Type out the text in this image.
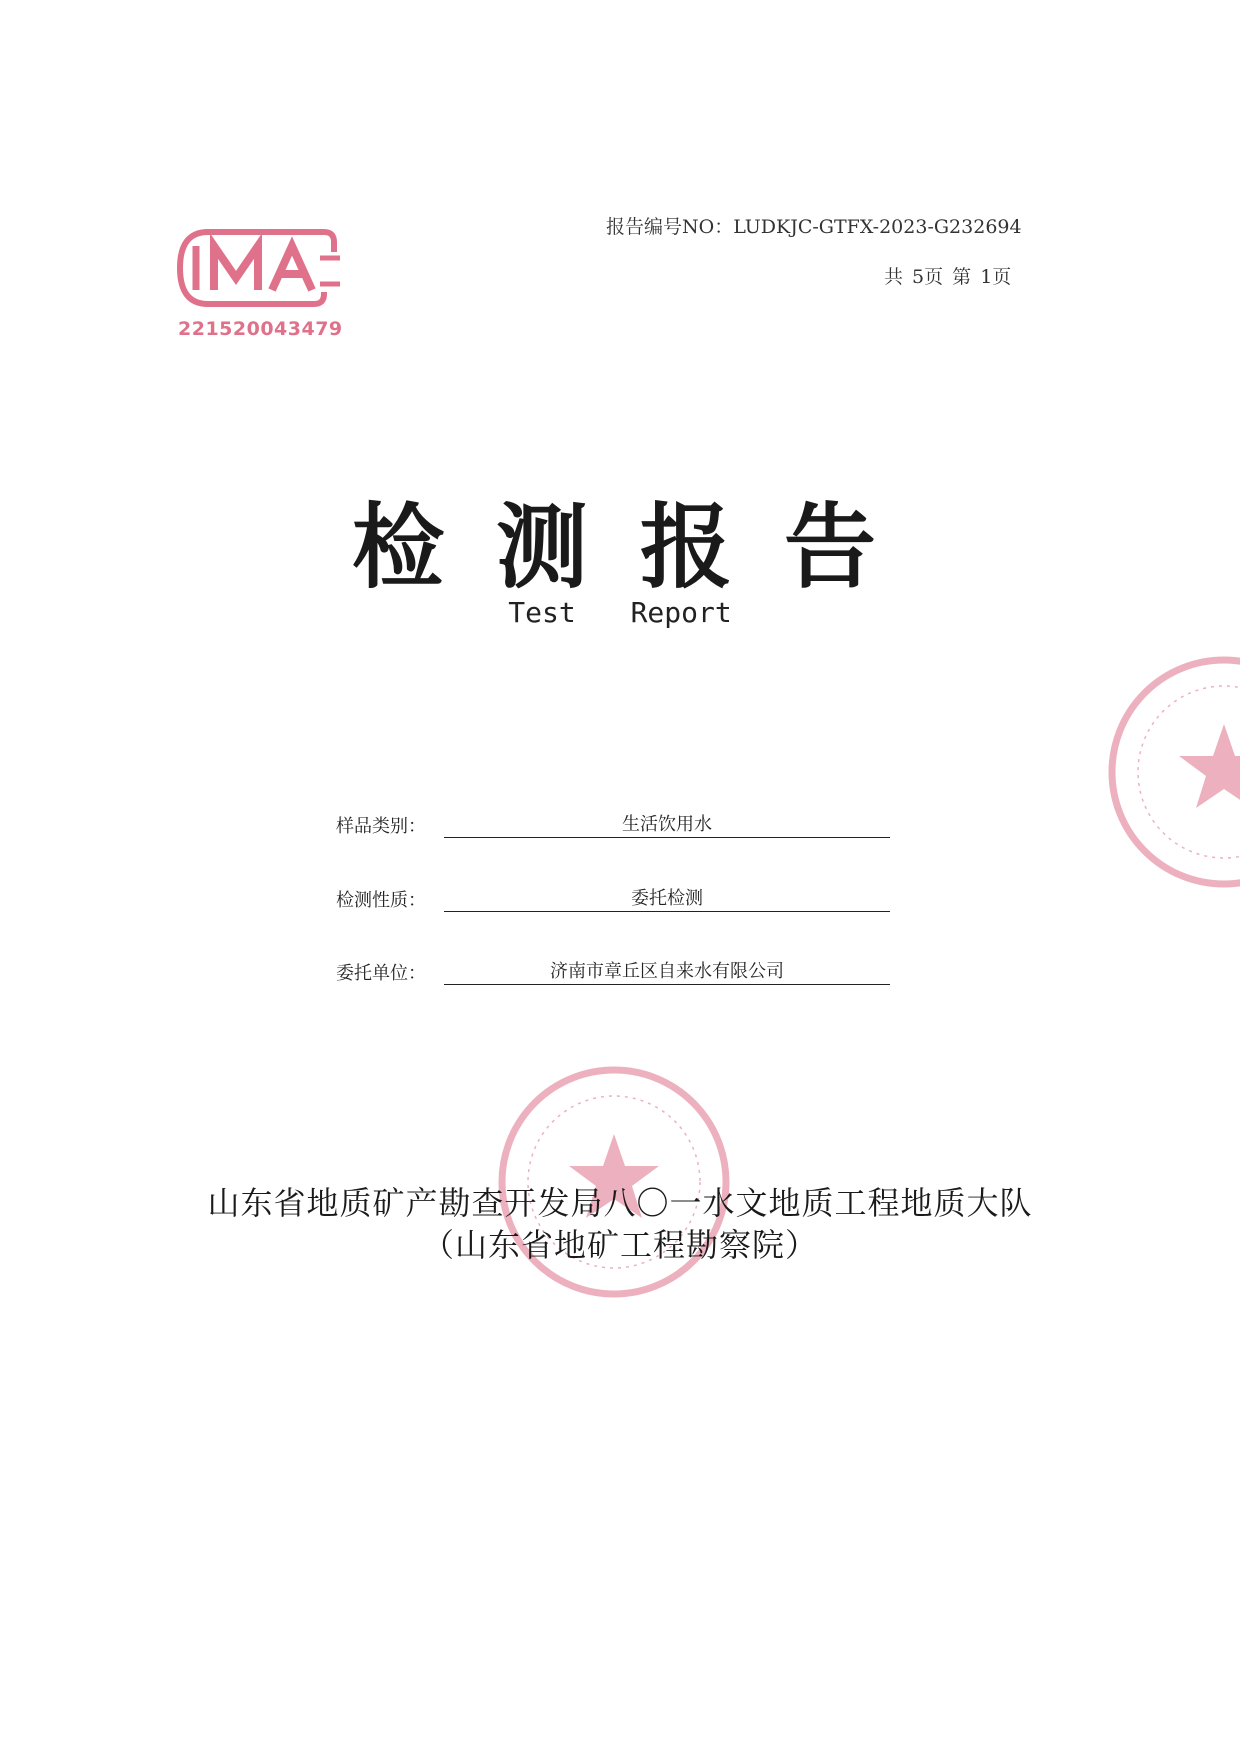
221520043479
报告编号NO：LUDKJC-GTFX-2023-G232694
共 5页 第 1页
检测报告
Test Report
样品类别：	生活饮用水
检测性质：	委托检测
委托单位：	济南市章丘区自来水有限公司
山东省地质矿产勘查开发局八〇一水文地质工程地质大队
（山东省地矿工程勘察院）
